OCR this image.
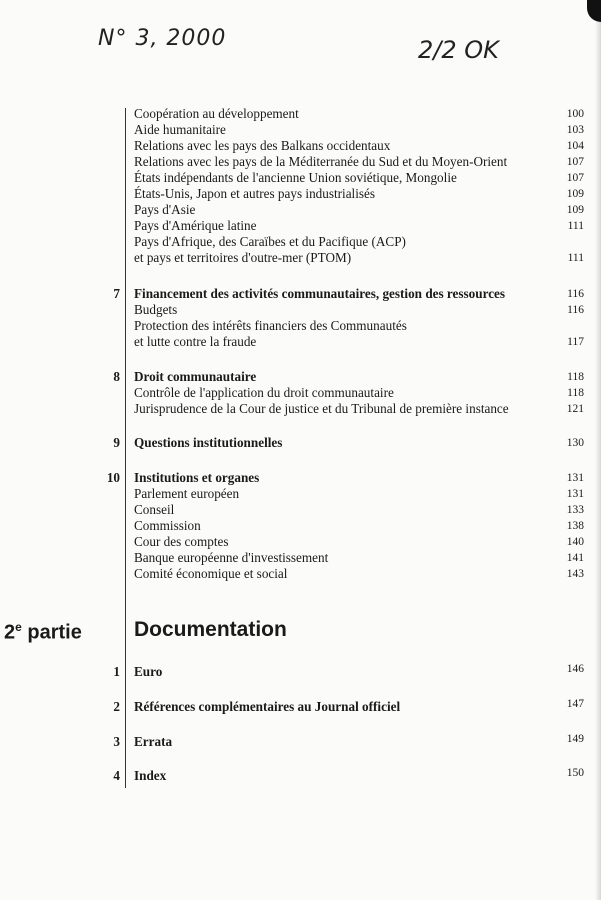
N° 3, 2000	2/2 OK
Coopération au développement	100
Aide humanitaire	103
Relations avec les pays des Balkans occidentaux	104
Relations avec les pays de la Méditerranée du Sud et du Moyen-Orient	107
États indépendants de l'ancienne Union soviétique, Mongolie	107
États-Unis, Japon et autres pays industrialisés	109
Pays d'Asie	109
Pays d'Amérique latine	111
Pays d'Afrique, des Caraïbes et du Pacifique (ACP)
et pays et territoires d'outre-mer (PTOM)	111
7 Financement des activités communautaires, gestion des ressources	116
Budgets	116
Protection des intérêts financiers des Communautés
et lutte contre la fraude	117
8 Droit communautaire	118
Contrôle de l'application du droit communautaire	118
Jurisprudence de la Cour de justice et du Tribunal de première instance	121
9 Questions institutionnelles	130
10 Institutions et organes	131
Parlement européen	131
Conseil	133
Commission	138
Cour des comptes	140
Banque européenne d'investissement	141
Comité économique et social	143
2e partie Documentation
1 Euro	146
2 Références complémentaires au Journal officiel	147
3 Errata	149
4 Index	150
